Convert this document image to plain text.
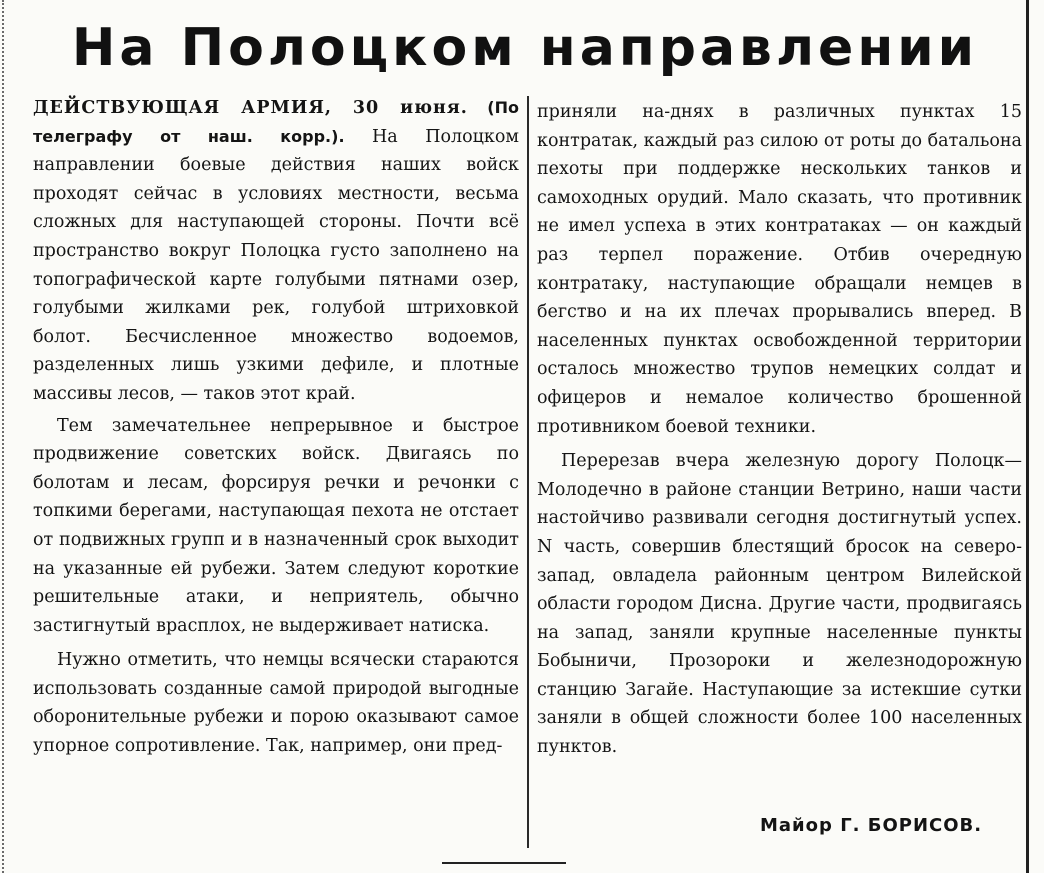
На Полоцком направлении

ДЕЙСТВУЮЩАЯ АРМИЯ, 30 июня. (По телеграфу от наш. корр.). На Полоцком направлении боевые действия наших войск проходят сейчас в условиях местности, весьма сложных для наступающей стороны. Почти всё пространство вокруг Полоцка густо заполнено на топографической карте голубыми пятнами озер, голубыми жилками рек, голубой штриховкой болот. Бесчисленное множество водоемов, разделенных лишь узкими дефиле, и плотные массивы лесов, — таков этот край.

Тем замечательнее непрерывное и быстрое продвижение советских войск. Двигаясь по болотам и лесам, форсируя речки и речонки с топкими берегами, наступающая пехота не отстает от подвижных групп и в назначенный срок выходит на указанные ей рубежи. Затем следуют короткие решительные атаки, и неприятель, обычно застигнутый врасплох, не выдерживает натиска.

Нужно отметить, что немцы всячески стараются использовать созданные самой природой выгодные оборонительные рубежи и порою оказывают самое упорное сопротивление. Так, например, они пред-

приняли на-днях в различных пунктах 15 контратак, каждый раз силою от роты до батальона пехоты при поддержке нескольких танков и самоходных орудий. Мало сказать, что противник не имел успеха в этих контратаках — он каждый раз терпел поражение. Отбив очередную контратаку, наступающие обращали немцев в бегство и на их плечах прорывались вперед. В населенных пунктах освобожденной территории осталось множество трупов немецких солдат и офицеров и немалое количество брошенной противником боевой техники.

Перерезав вчера железную дорогу Полоцк—Молодечно в районе станции Ветрино, наши части настойчиво развивали сегодня достигнутый успех. N часть, совершив блестящий бросок на северо-запад, овладела районным центром Вилейской области городом Дисна. Другие части, продвигаясь на запад, заняли крупные населенные пункты Бобыничи, Прозороки и железнодорожную станцию Загайе. Наступающие за истекшие сутки заняли в общей сложности более 100 населенных пунктов.

Майор Г. БОРИСОВ.
